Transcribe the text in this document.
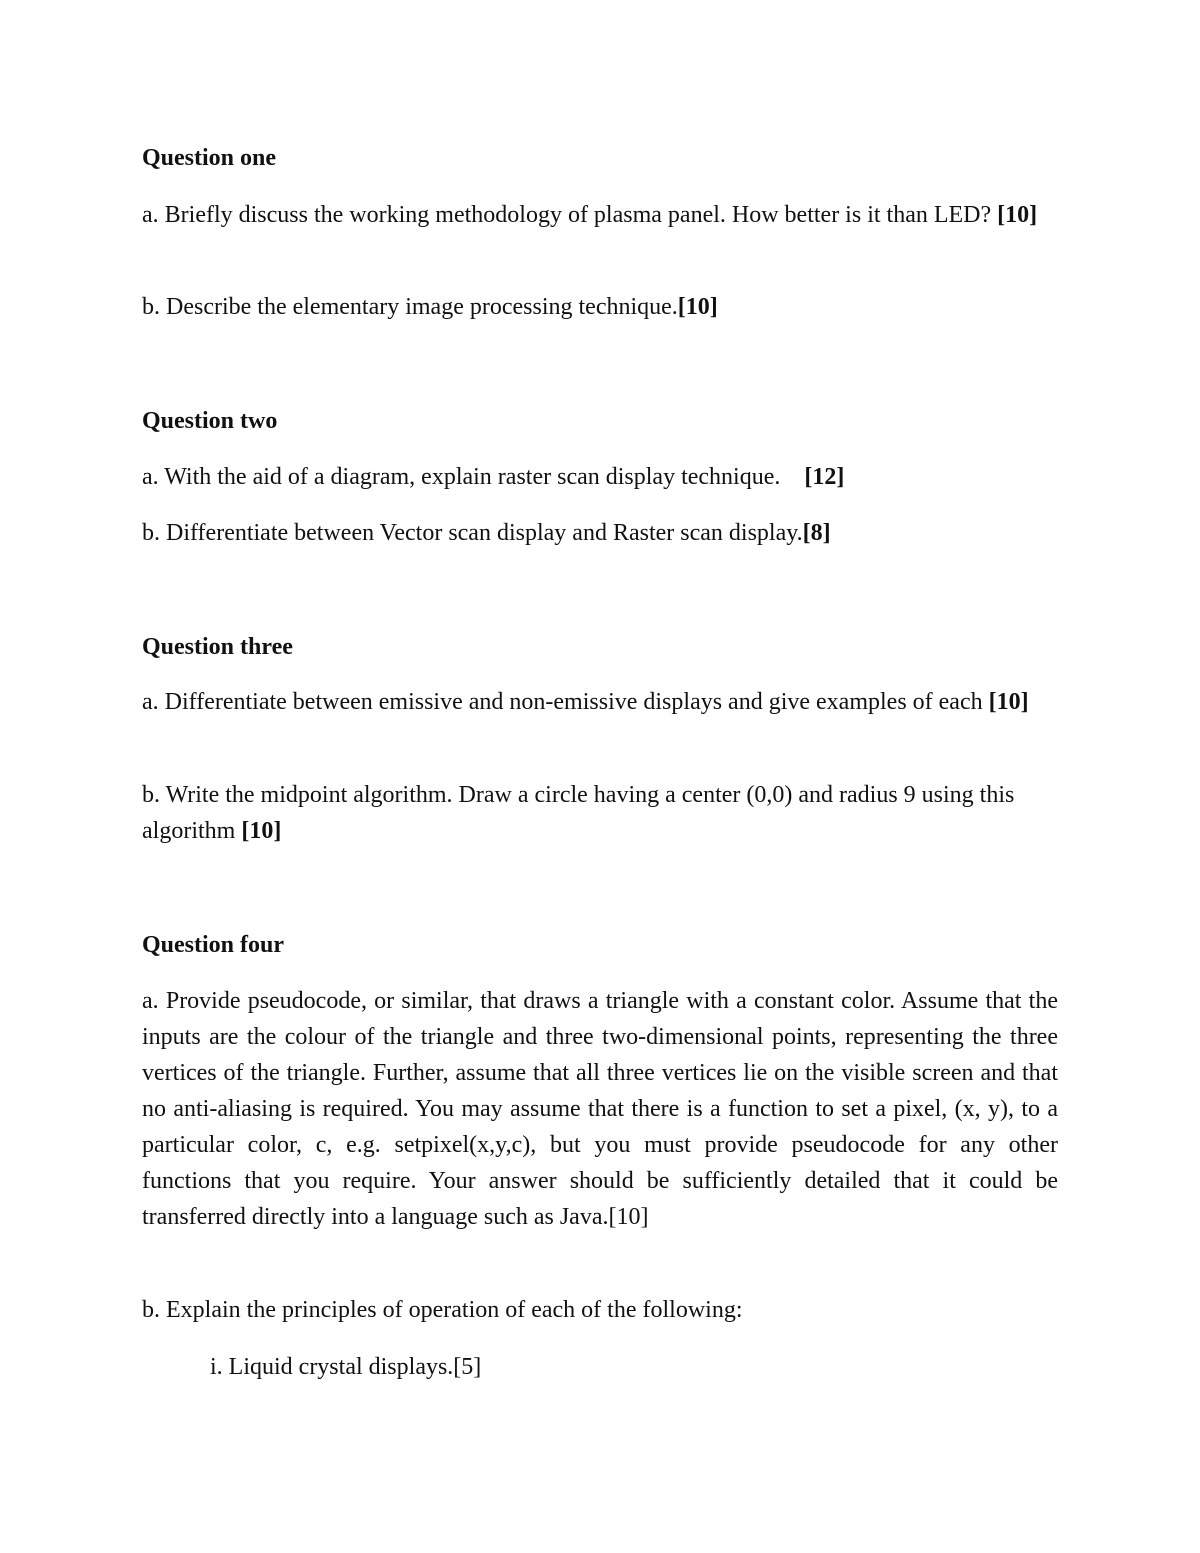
Question one

a. Briefly discuss the working methodology of plasma panel. How better is it than LED? [10]

b. Describe the elementary image processing technique.[10]

Question two

a. With the aid of a diagram, explain raster scan display technique.    [12]

b. Differentiate between Vector scan display and Raster scan display.[8]

Question three

a. Differentiate between emissive and non-emissive displays and give examples of each [10]

b. Write the midpoint algorithm. Draw a circle having a center (0,0) and radius 9 using this algorithm [10]

Question four

a. Provide pseudocode, or similar, that draws a triangle with a constant color. Assume that the inputs are the colour of the triangle and three two-dimensional points, representing the three vertices of the triangle. Further, assume that all three vertices lie on the visible screen and that no anti-aliasing is required. You may assume that there is a function to set a pixel, (x, y), to a particular color, c, e.g. setpixel(x,y,c), but you must provide pseudocode for any other functions that you require. Your answer should be sufficiently detailed that it could be transferred directly into a language such as Java.[10]

b. Explain the principles of operation of each of the following:

i. Liquid crystal displays.[5]
